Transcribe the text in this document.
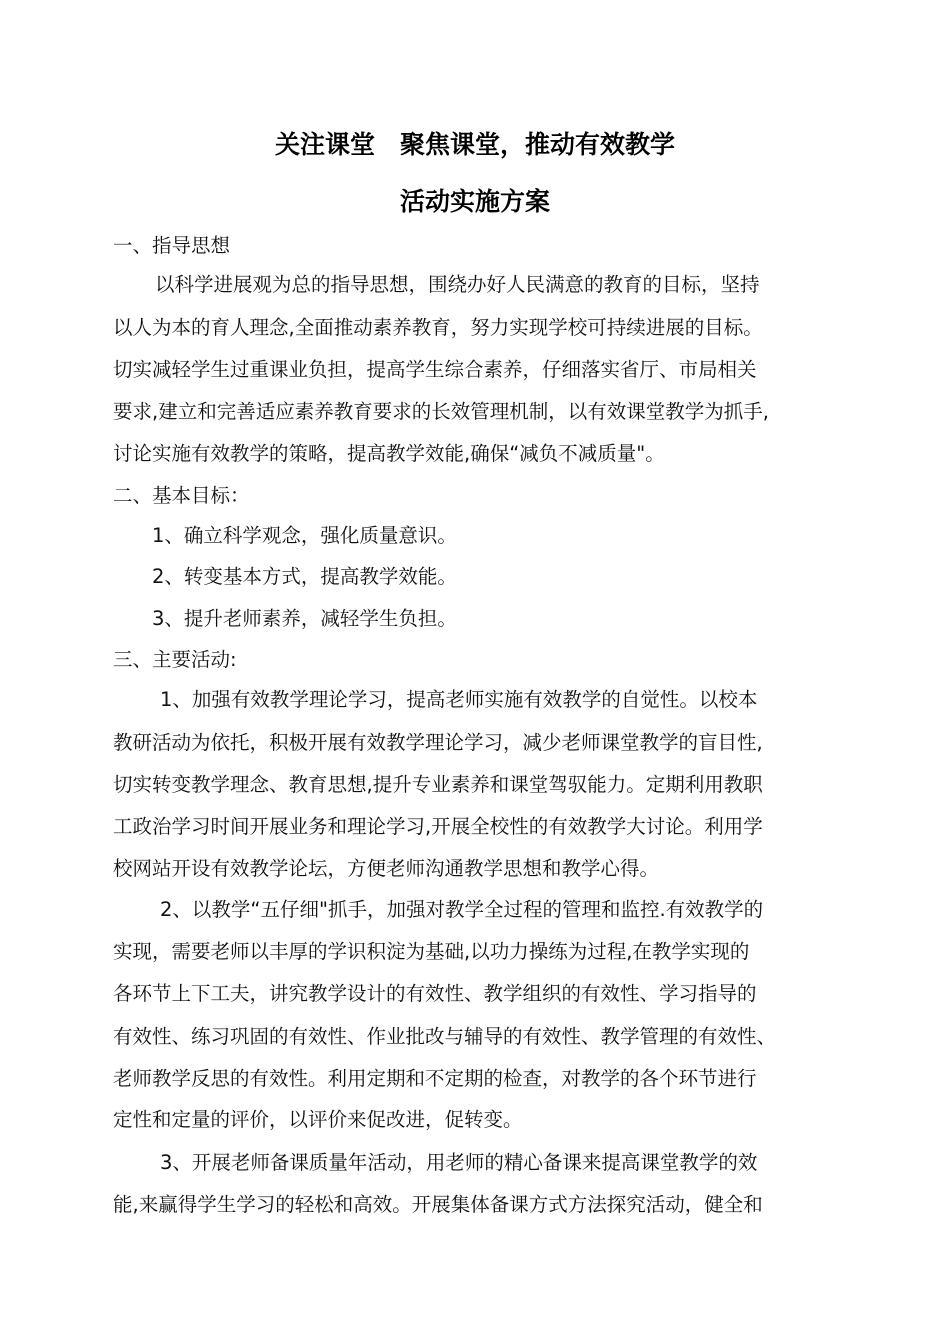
关注课堂　聚焦课堂，推动有效教学
活动实施方案
一、指导思想
以科学进展观为总的指导思想，围绕办好人民满意的教育的目标，坚持
以人为本的育人理念,全面推动素养教育，努力实现学校可持续进展的目标。
切实减轻学生过重课业负担，提高学生综合素养，仔细落实省厅、市局相关
要求,建立和完善适应素养教育要求的长效管理机制，以有效课堂教学为抓手,
讨论实施有效教学的策略，提高教学效能,确保“减负不减质量"。
二、基本目标：
1、确立科学观念，强化质量意识。
2、转变基本方式，提高教学效能。
3、提升老师素养，减轻学生负担。
三、主要活动:
1、加强有效教学理论学习，提高老师实施有效教学的自觉性。以校本
教研活动为依托，积极开展有效教学理论学习，减少老师课堂教学的盲目性,
切实转变教学理念、教育思想,提升专业素养和课堂驾驭能力。定期利用教职
工政治学习时间开展业务和理论学习,开展全校性的有效教学大讨论。利用学
校网站开设有效教学论坛，方便老师沟通教学思想和教学心得。
2、以教学“五仔细"抓手，加强对教学全过程的管理和监控.有效教学的
实现，需要老师以丰厚的学识积淀为基础,以功力操练为过程,在教学实现的
各环节上下工夫，讲究教学设计的有效性、教学组织的有效性、学习指导的
有效性、练习巩固的有效性、作业批改与辅导的有效性、教学管理的有效性、
老师教学反思的有效性。利用定期和不定期的检查，对教学的各个环节进行
定性和定量的评价，以评价来促改进，促转变。
3、开展老师备课质量年活动，用老师的精心备课来提高课堂教学的效
能,来赢得学生学习的轻松和高效。开展集体备课方式方法探究活动，健全和
